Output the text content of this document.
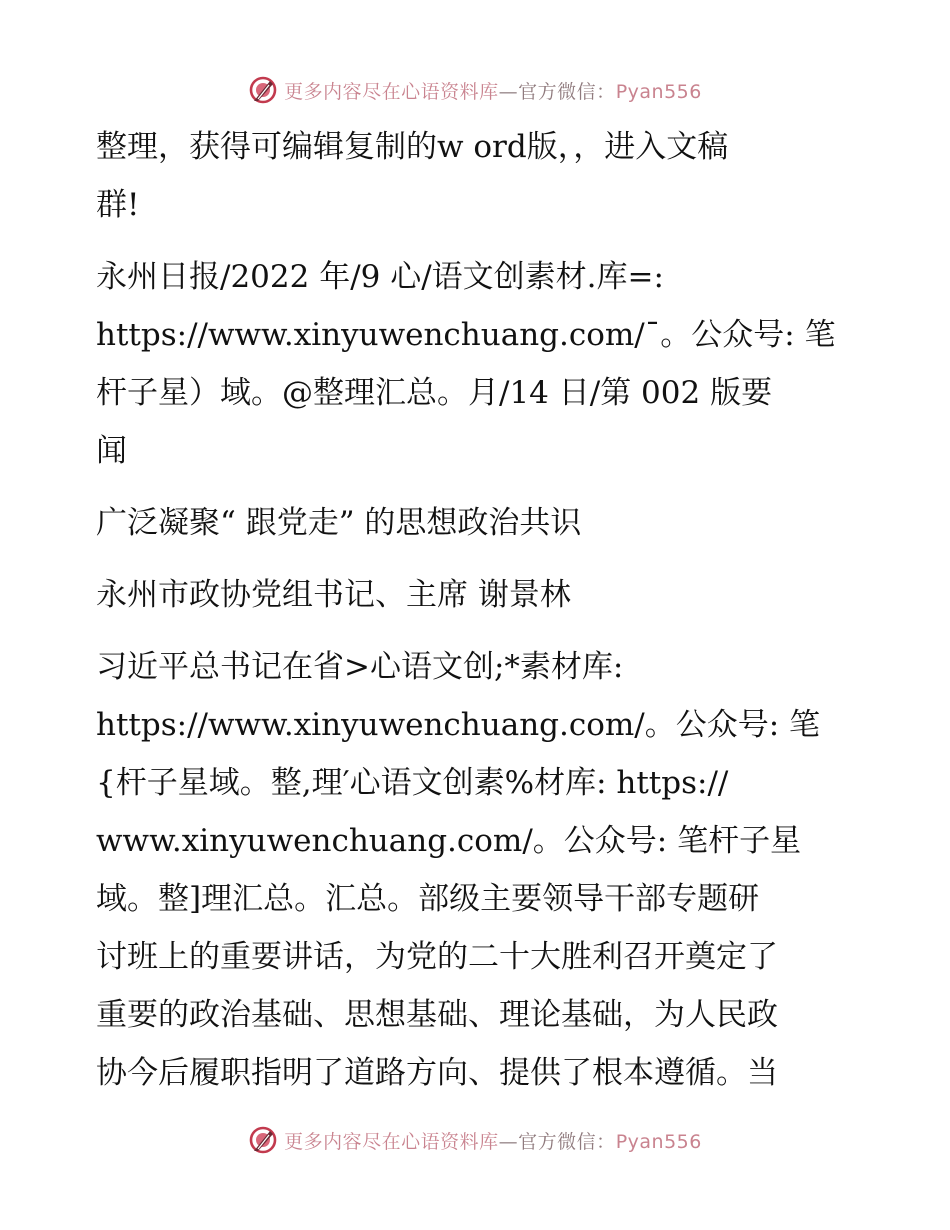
更多内容尽在心语资料库—官方微信：Pyan556
整理，获得可编辑复制的w ord版，，进入文稿
群!
永州日报/2022 年/9 心/语文创素材.库=:
https://www.xinyuwenchuang.com/¯。公众号: 笔
杆子星）域。@整理汇总。月/14 日/第 002 版要
闻
广泛凝聚“ 跟党走” 的思想政治共识
永州市政协党组书记、主席 谢景林
习近平总书记在省>心语文创;*素材库:
https://www.xinyuwenchuang.com/。公众号: 笔
{杆子星域。整,理′心语文创素%材库: https://
www.xinyuwenchuang.com/。公众号: 笔杆子星
域。整]理汇总。汇总。部级主要领导干部专题研
讨班上的重要讲话，为党的二十大胜利召开奠定了
重要的政治基础、思想基础、理论基础，为人民政
协今后履职指明了道路方向、提供了根本遵循。当
更多内容尽在心语资料库—官方微信：Pyan556
